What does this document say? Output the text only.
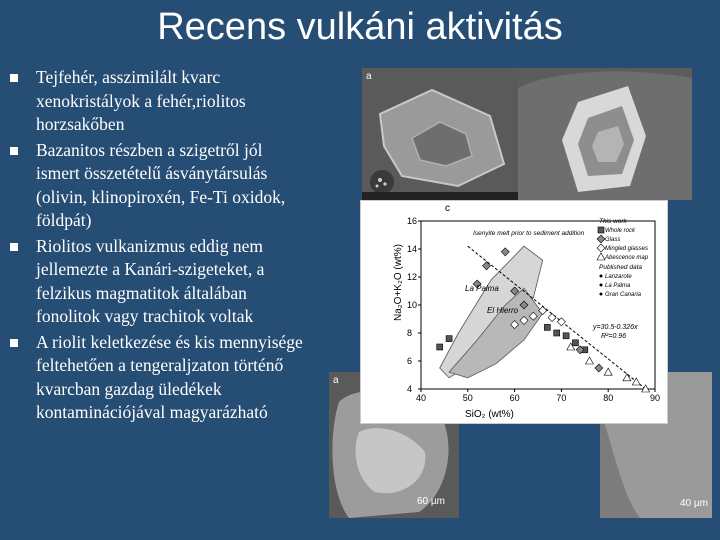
Recens vulkáni aktivitás
Tejfehér, asszimilált kvarc xenokristályok a fehér,riolitos horzsakőben
Bazanitos részben a szigetről jól ismert összetételű ásványtársulás (olivin, klinopiroxén, Fe-Ti oxidok, földpát)
Riolitos vulkanizmus eddig nem jellemezte a Kanári-szigeteket, a felzikus magmatitok általában fonolitok vagy trachitok voltak
A riolit keletkezése és kis mennyisége feltehetően a tengeraljzaton történő kvarcban gazdag üledékek kontaminációjával magyarázható
a
a
60 µm	40 µm
c
40	50	60	70	80	90
4
6
8
10
12
14
16
SiO₂ (wt%)
Na₂O+K₂O (wt%)	La Palma
El Hierro
Isenyite melt prior to sediment addition
y=30.5-0.326x
R²=0.96
This work
Whole rock
Glass
Mingled glasses
Abescence map
Published data
Lanzarote
La Palma
Gran Canaria
